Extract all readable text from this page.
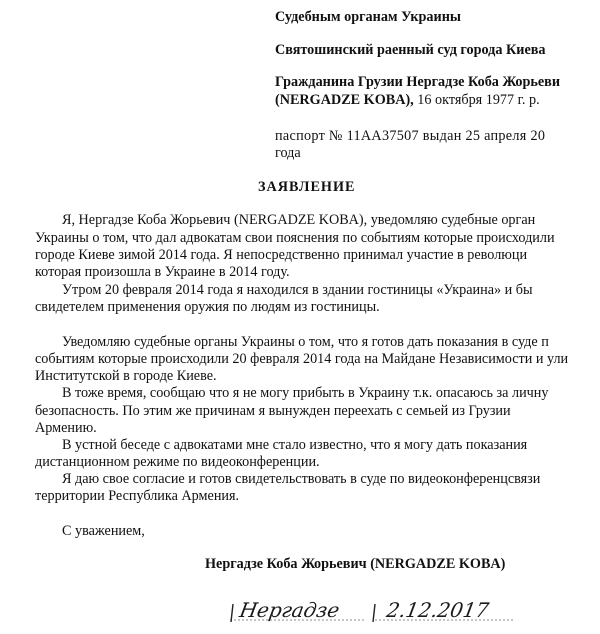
Судебным органам Украины
Святошинский раенный суд города Киева
Гражданина Грузии Нергадзе Коба Жорьеви
(NERGADZE KOBA), 16 октября 1977 г. р.
паспорт № 11AA37507 выдан 25 апреля 20
года
ЗАЯВЛЕНИЕ
Я, Нергадзе Коба Жорьевич (NERGADZE KOBA), уведомляю судебные орган
Украины о том, что дал адвокатам свои пояснения по событиям которые происходили
городе Киеве зимой 2014 года. Я непосредственно принимал участие в революци
которая произошла в Украине в 2014 году.
Утром 20 февраля 2014 года я находился в здании гостиницы «Украина» и бы
свидетелем применения оружия по людям из гостиницы.
Уведомляю судебные органы Украины о том, что я готов дать показания в суде п
событиям которые происходили 20 февраля 2014 года на Майдане Независимости и ули
Институтской в городе Киеве.
В тоже время, сообщаю что я не могу прибыть в Украину т.к. опасаюсь за личну
безопасность. По этим же причинам я вынужден переехать с семьей из Грузии
Армению.
В устной беседе с адвокатами мне стало известно, что я могу дать показания
дистанционном режиме по видеоконференции.
Я даю свое согласие и готов свидетельствовать в суде по видеоконференцсвязи
территории Республика Армения.
С уважением,
Нергадзе Коба Жорьевич (NERGADZE KOBA)
Нергадзе 2.12.2017
